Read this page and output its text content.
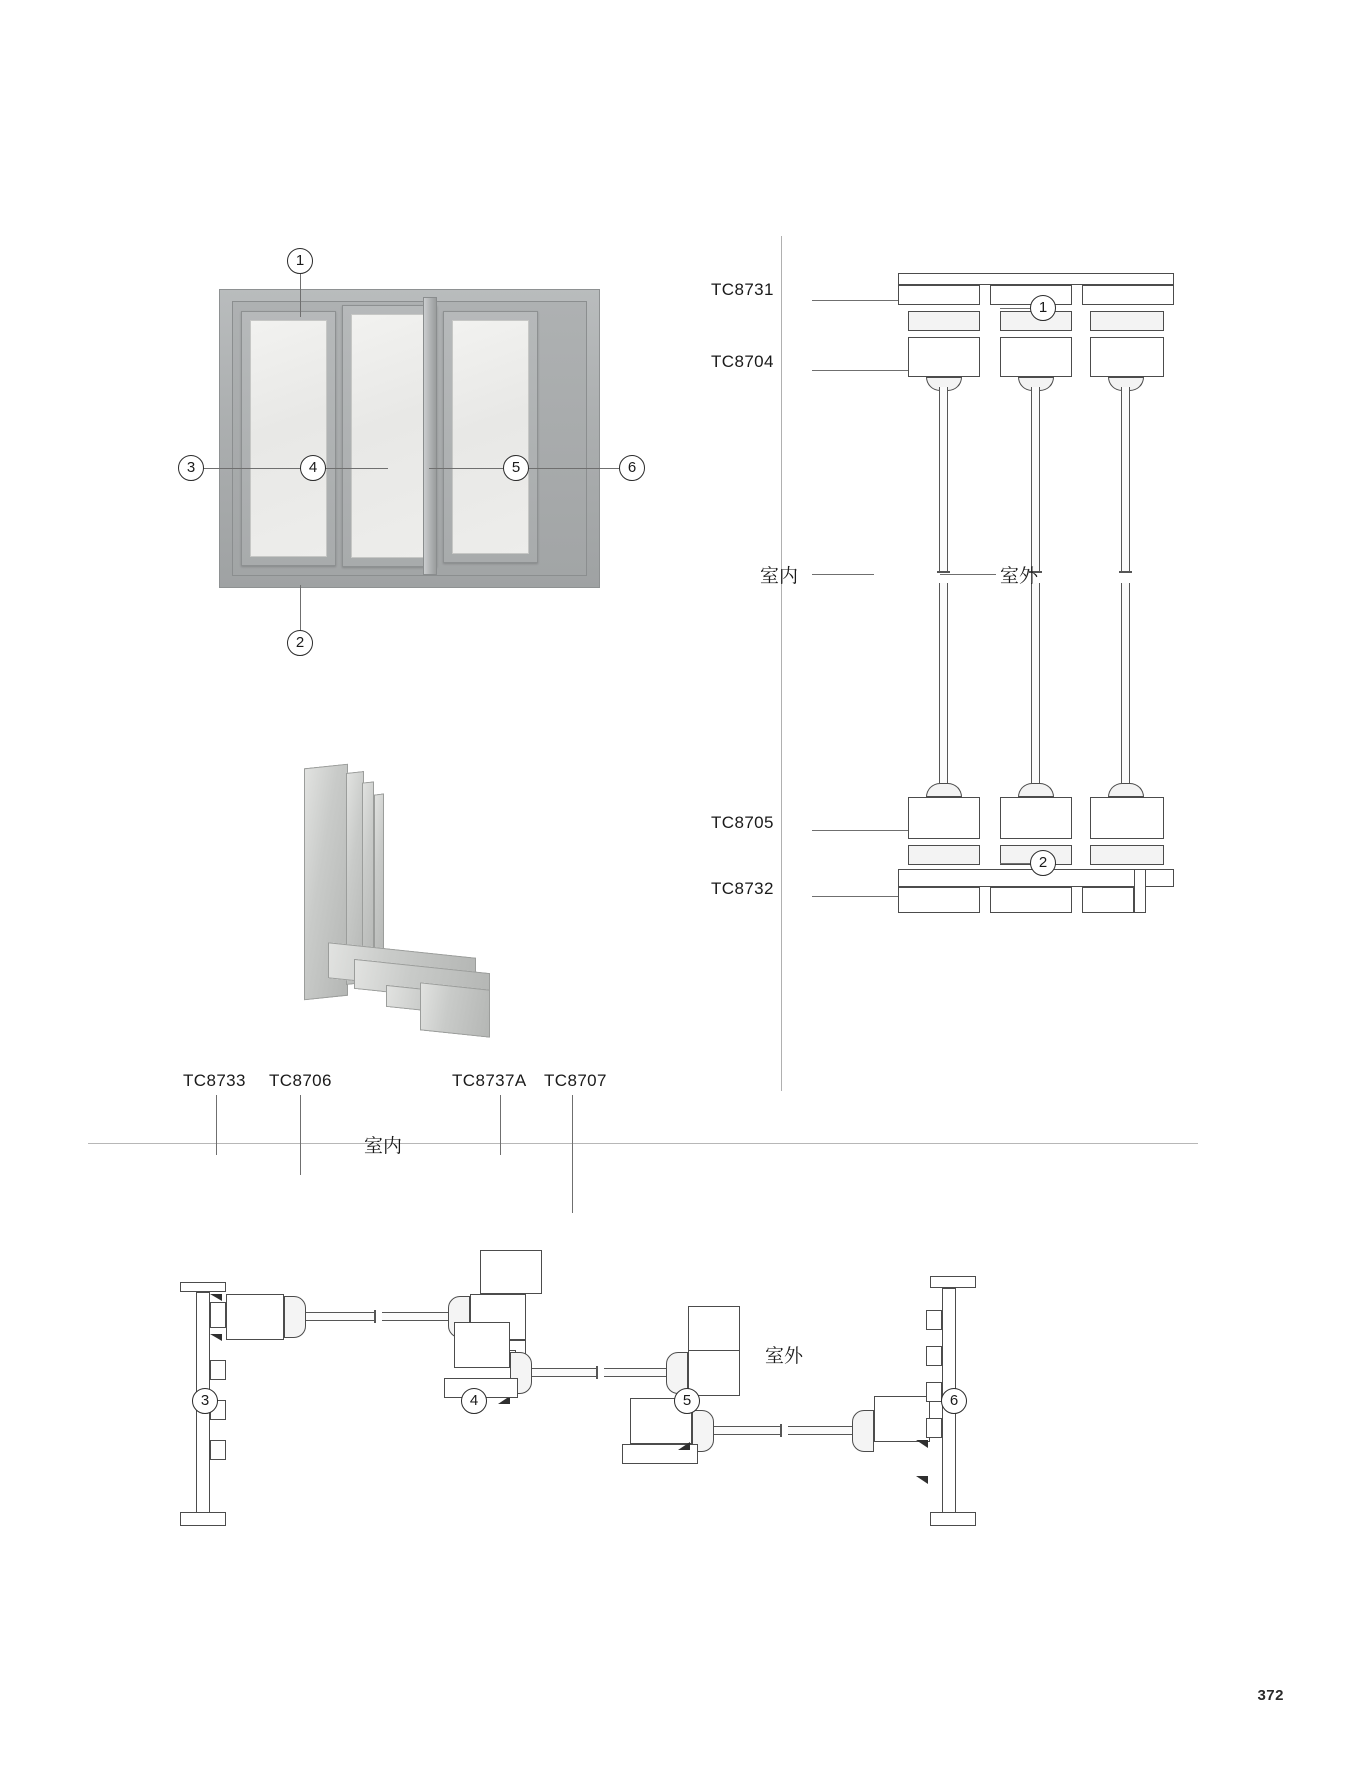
1
2
3	4	5	6
TC8731
TC8704
TC8705
TC8732
室内	室外
1
2
TC8733 TC8706	TC8737A TC8707
室内
室外
3	4	5	6
372
